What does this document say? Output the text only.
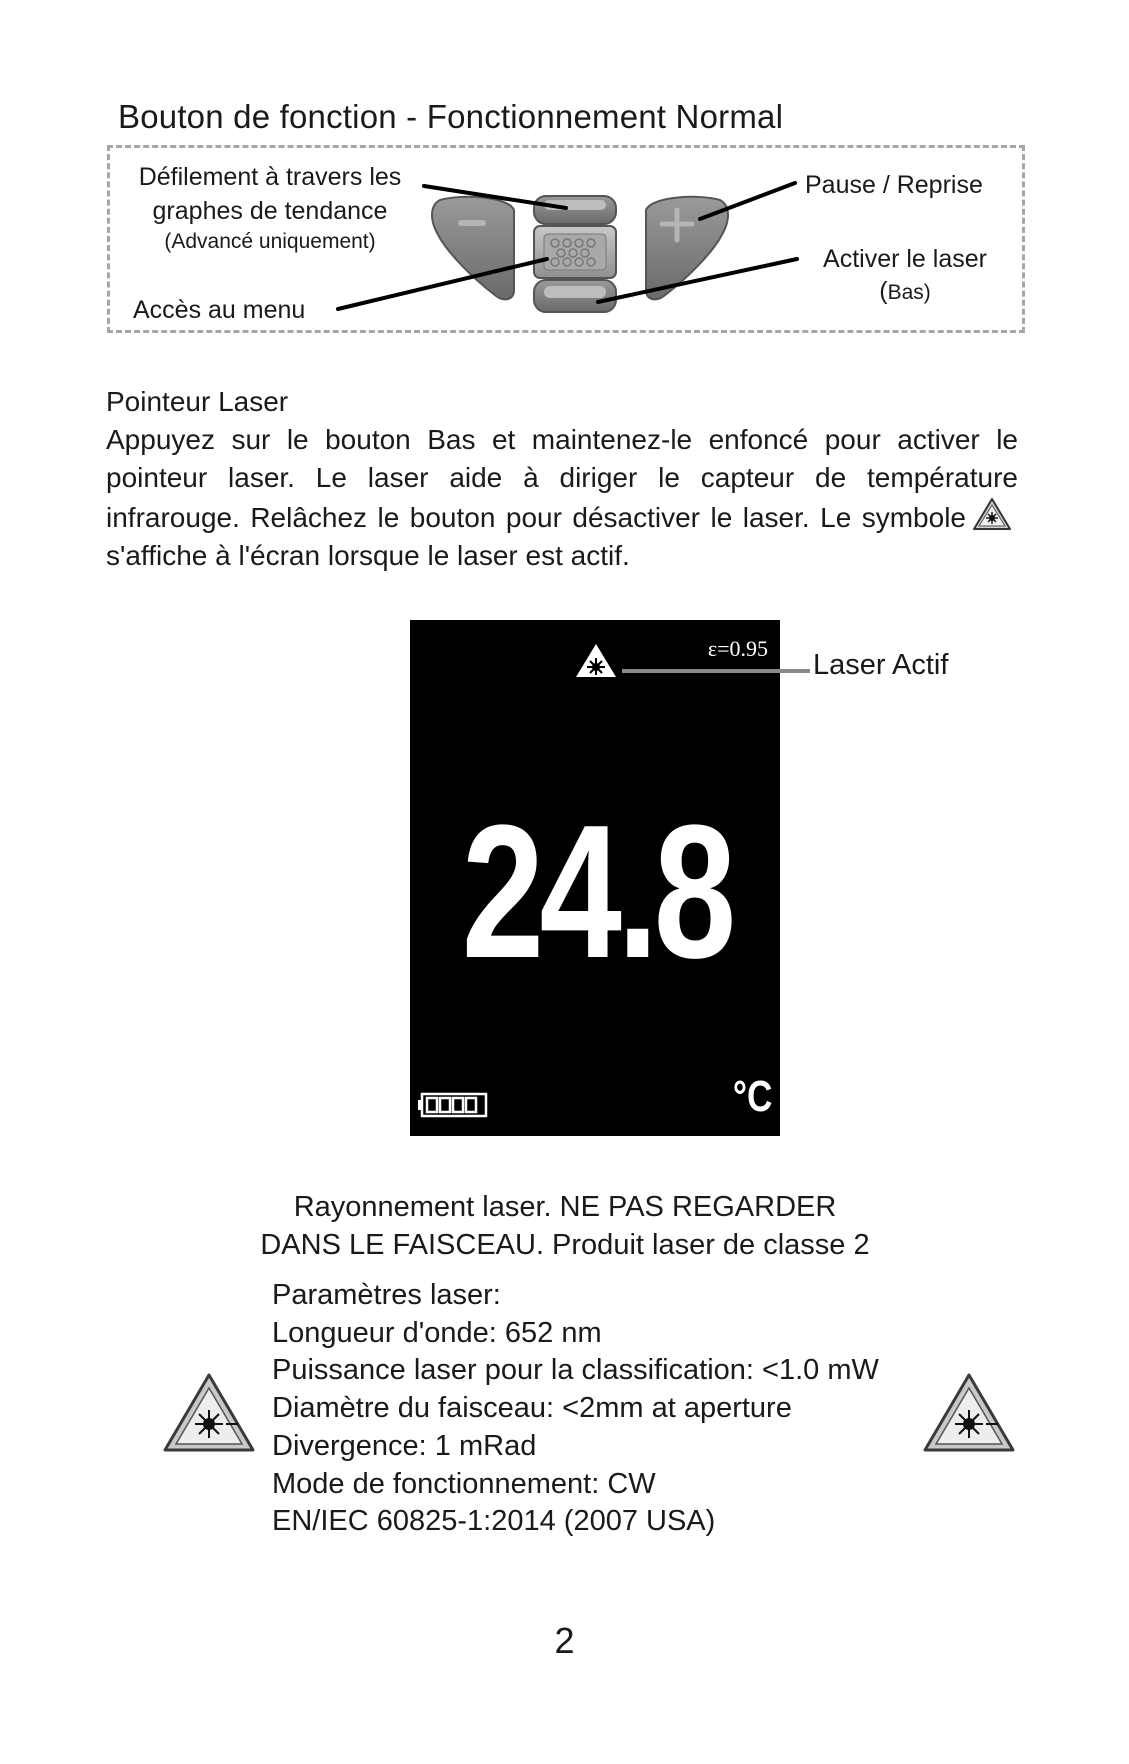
Bouton de fonction - Fonctionnement Normal
Défilement à travers les
graphes de tendance
(Advancé uniquement)
Accès au menu
Pause / Reprise
Activer le laser
(Bas)
Pointeur Laser
Appuyez sur le bouton Bas et maintenez-le enfoncé pour activer le pointeur laser. Le laser aide à diriger le capteur de température infrarouge. Relâchez le bouton pour désactiver le laser. Le symboles'affiche à l'écran lorsque le laser est actif.
ε=0.95
24.8
°C
Laser Actif
Rayonnement laser. NE PAS REGARDER
DANS LE FAISCEAU. Produit laser de classe 2
Paramètres laser:
Longueur d'onde: 652 nm
Puissance laser pour la classification: <1.0 mW
Diamètre du faisceau: <2mm at aperture
Divergence: 1 mRad
Mode de fonctionnement: CW
EN/IEC 60825-1:2014 (2007 USA)
2
